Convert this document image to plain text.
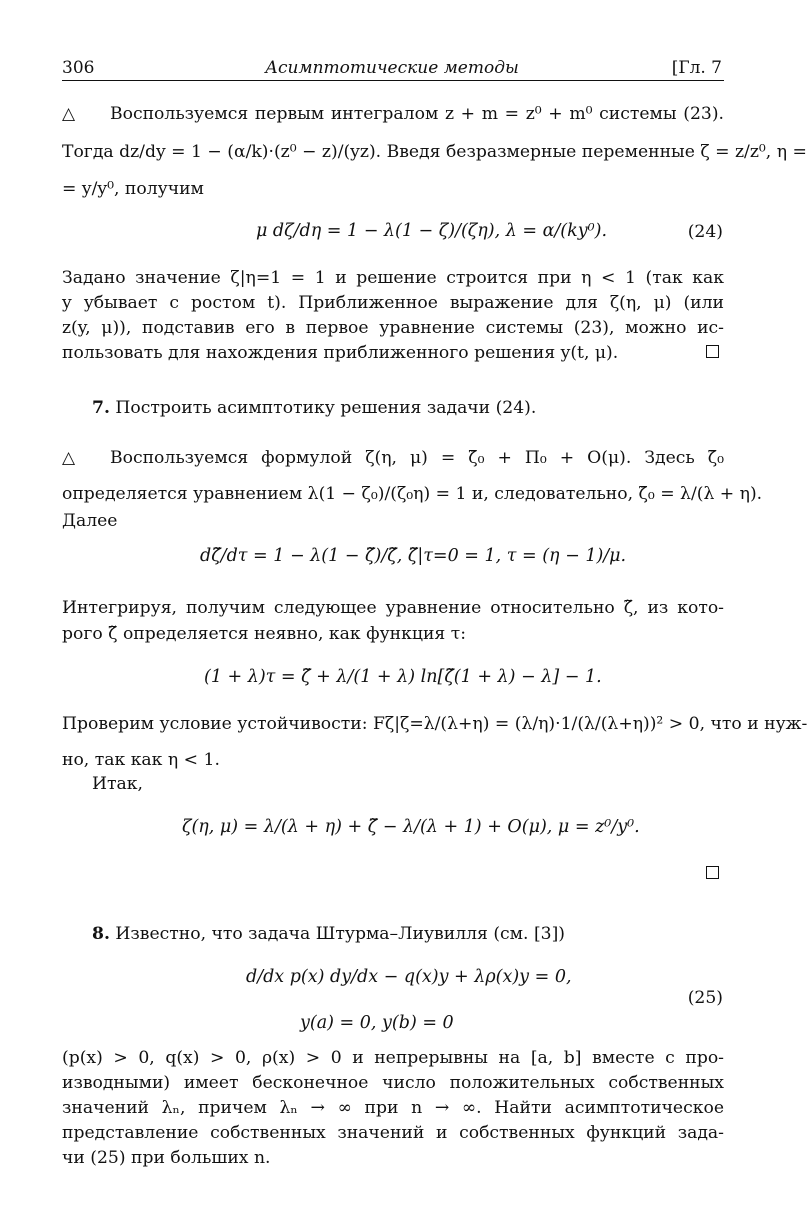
306	Асимптотические методы	[Гл. 7
△ Воспользуемся первым интегралом z + m = z⁰ + m⁰ системы (23).
Тогда dz/dy = 1 − (α/k)·(z⁰ − z)/(yz). Введя безразмерные переменные ζ = z/z⁰, η =
= y/y⁰, получим
μ dζ/dη = 1 − λ(1 − ζ)/(ζη), λ = α/(ky⁰).	(24)
Задано значение ζ|η=1 = 1 и решение строится при η < 1 (так как
y убывает с ростом t). Приближенное выражение для ζ(η, μ) (или
z(y, μ)), подставив его в первое уравнение системы (23), можно ис-
пользовать для нахождения приближенного решения y(t, μ).
7. Построить асимптотику решения задачи (24).
△ Воспользуемся формулой ζ(η, μ) = ζ̄₀ + Π₀ + O(μ). Здесь ζ̄₀
определяется уравнением λ(1 − ζ₀)/(ζ₀η) = 1 и, следовательно, ζ̄₀ = λ/(λ + η).
Далее
dζ̃/dτ = 1 − λ(1 − ζ̃)/ζ̃, ζ̃|τ=0 = 1, τ = (η − 1)/μ.
Интегрируя, получим следующее уравнение относительно ζ̃, из кото-
рого ζ̃ определяется неявно, как функция τ:
(1 + λ)τ = ζ̃ + λ/(1 + λ) ln[ζ̃(1 + λ) − λ] − 1.
Проверим условие устойчивости: Fζ|ζ=λ/(λ+η) = (λ/η)·1/(λ/(λ+η))² > 0, что и нуж-
но, так как η < 1.
Итак,
ζ(η, μ) = λ/(λ + η) + ζ̃ − λ/(λ + 1) + O(μ), μ = z⁰/y⁰.
8. Известно, что задача Штурма–Лиувилля (см. [3])
d/dx p(x) dy/dx − q(x)y + λρ(x)y = 0,
y(a) = 0, y(b) = 0
(25)
(p(x) > 0, q(x) > 0, ρ(x) > 0 и непрерывны на [a, b] вместе с про-
изводными) имеет бесконечное число положительных собственных
значений λₙ, причем λₙ → ∞ при n → ∞. Найти асимптотическое
представление собственных значений и собственных функций зада-
чи (25) при больших n.
